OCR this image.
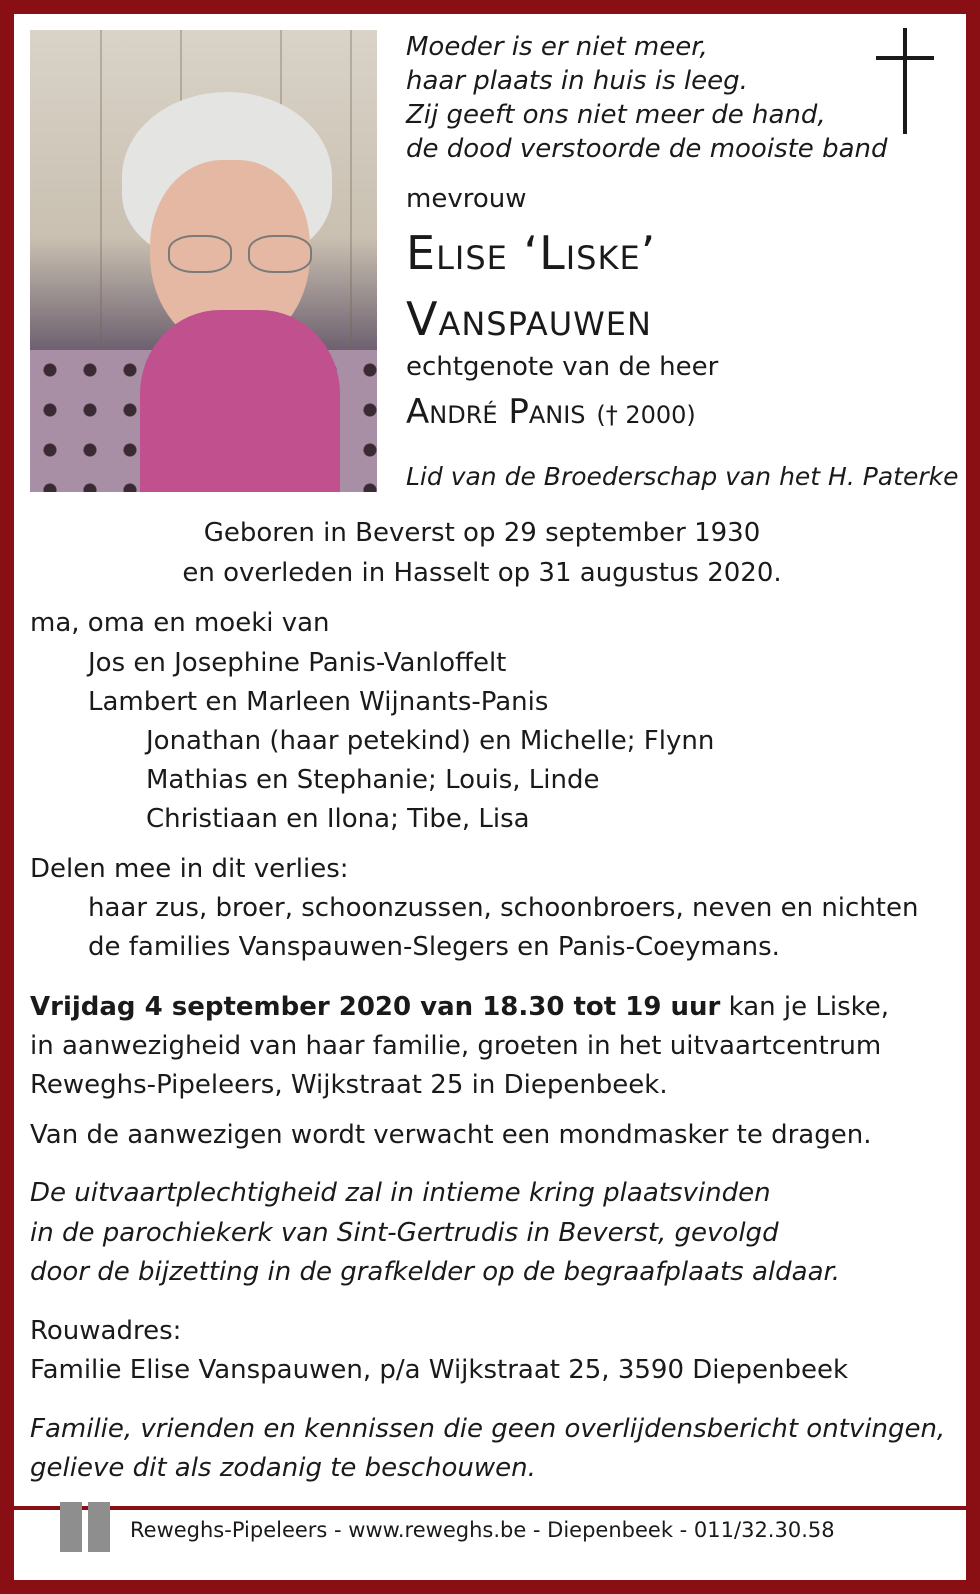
Moeder is er niet meer,
haar plaats in huis is leeg.
Zij geeft ons niet meer de hand,
de dood verstoorde de mooiste band
mevrouw
Elise ‘Liske’
Vanspauwen
echtgenote van de heer
André Panis († 2000)
Lid van de Broederschap van het H. Paterke
Geboren in Beverst op 29 september 1930
en overleden in Hasselt op 31 augustus 2020.
ma, oma en moeki van
Jos en Josephine Panis-Vanloffelt
Lambert en Marleen Wijnants-Panis
Jonathan (haar petekind) en Michelle; Flynn
Mathias en Stephanie; Louis, Linde
Christiaan en Ilona; Tibe, Lisa
Delen mee in dit verlies:
haar zus, broer, schoonzussen, schoonbroers, neven en nichten
de families Vanspauwen-Slegers en Panis-Coeymans.
Vrijdag 4 september 2020 van 18.30 tot 19 uur kan je Liske,
in aanwezigheid van haar familie, groeten in het uitvaartcentrum
Reweghs-Pipeleers, Wijkstraat 25 in Diepenbeek.
Van de aanwezigen wordt verwacht een mondmasker te dragen.
De uitvaartplechtigheid zal in intieme kring plaatsvinden
in de parochiekerk van Sint-Gertrudis in Beverst, gevolgd
door de bijzetting in de grafkelder op de begraafplaats aldaar.
Rouwadres:
Familie Elise Vanspauwen, p/a Wijkstraat 25, 3590 Diepenbeek
Familie, vrienden en kennissen die geen overlijdensbericht ontvingen,
gelieve dit als zodanig te beschouwen.
Reweghs-Pipeleers - www.reweghs.be - Diepenbeek - 011/32.30.58
